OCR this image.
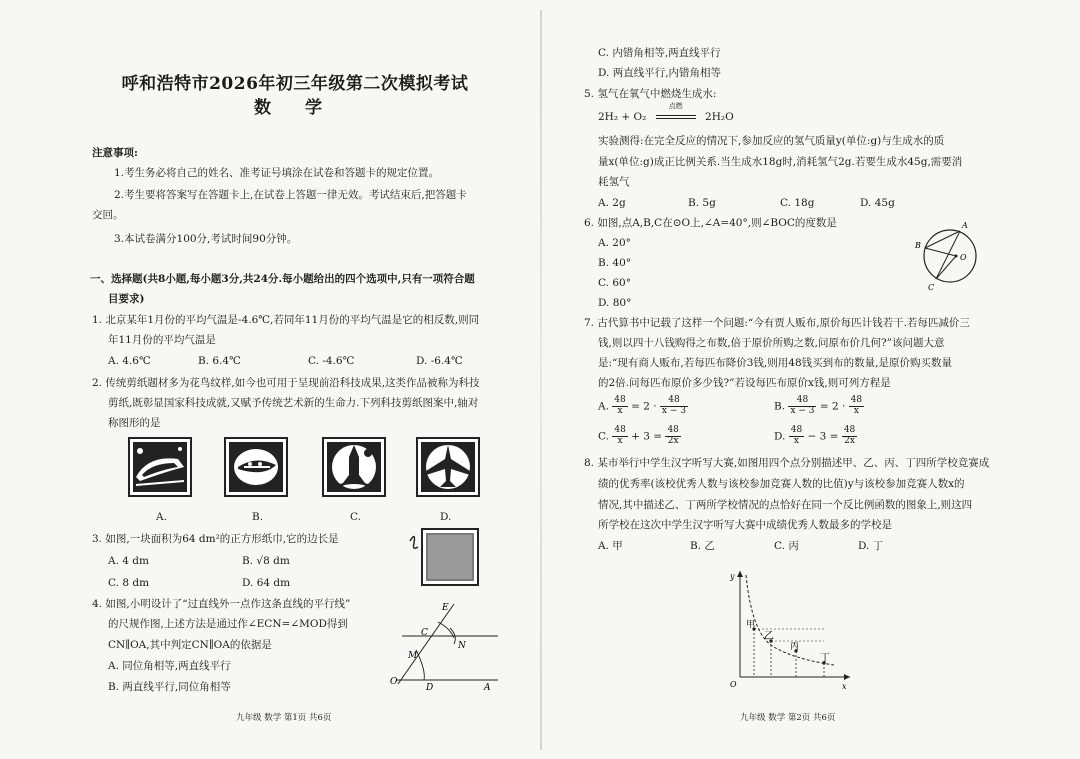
呼和浩特市2026年初三年级第二次模拟考试
数 学
注意事项:
1.考生务必将自己的姓名、准考证号填涂在试卷和答题卡的规定位置。
2.考生要将答案写在答题卡上,在试卷上答题一律无效。考试结束后,把答题卡
交回。
3.本试卷满分100分,考试时间90分钟。
一、选择题(共8小题,每小题3分,共24分.每小题给出的四个选项中,只有一项符合题
目要求)
1. 北京某年1月份的平均气温是-4.6℃,若同年11月份的平均气温是它的相反数,则同
年11月份的平均气温是
A. 4.6℃	B. 6.4℃	C. -4.6℃	D. -6.4℃
2. 传统剪纸题材多为花鸟纹样,如今也可用于呈现前沿科技成果,这类作品被称为科技
剪纸,既彰显国家科技成就,又赋予传统艺术新的生命力.下列科技剪纸图案中,轴对
称图形的是
A.	B.	C.	D.
3. 如图,一块面积为64 dm²的正方形纸巾,它的边长是
A. 4 dm	B. √8 dm
C. 8 dm	D. 64 dm
4. 如图,小明设计了“过直线外一点作这条直线的平行线”
的尺规作图,上述方法是通过作∠ECN=∠MOD得到
CN∥OA,其中判定CN∥OA的依据是
A. 同位角相等,两直线平行
B. 两直线平行,同位角相等
E
C
N
M
O
D	A
九年级 数学 第1页 共6页
C. 内错角相等,两直线平行
D. 两直线平行,内错角相等
5. 氢气在氧气中燃烧生成水:
2H₂ + O₂
点燃
2H₂O
实验测得:在完全反应的情况下,参加反应的氢气质量y(单位:g)与生成水的质
量x(单位:g)成正比例关系.当生成水18g时,消耗氢气2g.若要生成水45g,需要消
耗氢气
A. 2g	B. 5g	C. 18g	D. 45g
6. 如图,点A,B,C在⊙O上,∠A=40°,则∠BOC的度数是
A. 20°
B. 40°
C. 60°
D. 80°
A
B
C
O
7. 古代算书中记载了这样一个问题:“今有贾人贩布,原价每匹计钱若干.若每匹减价三
钱,则以四十八钱购得之布数,倍于原价所购之数,问原布价几何?”该问题大意
是:“现有商人贩布,若每匹布降价3钱,则用48钱买到布的数量,是原价购买数量
的2倍.问每匹布原价多少钱?”若设每匹布原价x钱,则可列方程是
A. $\frac{48}{x} = 2 \cdot \frac{48}{x - 3}$	B. $\frac{48}{x - 3} = 2 \cdot \frac{48}{x}$
C. $\frac{48}{x} + 3 = \frac{48}{2x}$	D. $\frac{48}{x} - 3 = \frac{48}{2x}$
8. 某市举行中学生汉字听写大赛,如图用四个点分别描述甲、乙、丙、丁四所学校竞赛成
绩的优秀率(该校优秀人数与该校参加竞赛人数的比值)y与该校参加竞赛人数x的
情况,其中描述乙、丁两所学校情况的点恰好在同一个反比例函数的图象上,则这四
所学校在这次中学生汉字听写大赛中成绩优秀人数最多的学校是
A. 甲	B. 乙	C. 丙	D. 丁
y
x
O
甲
乙
丙
丁
九年级 数学 第2页 共6页
